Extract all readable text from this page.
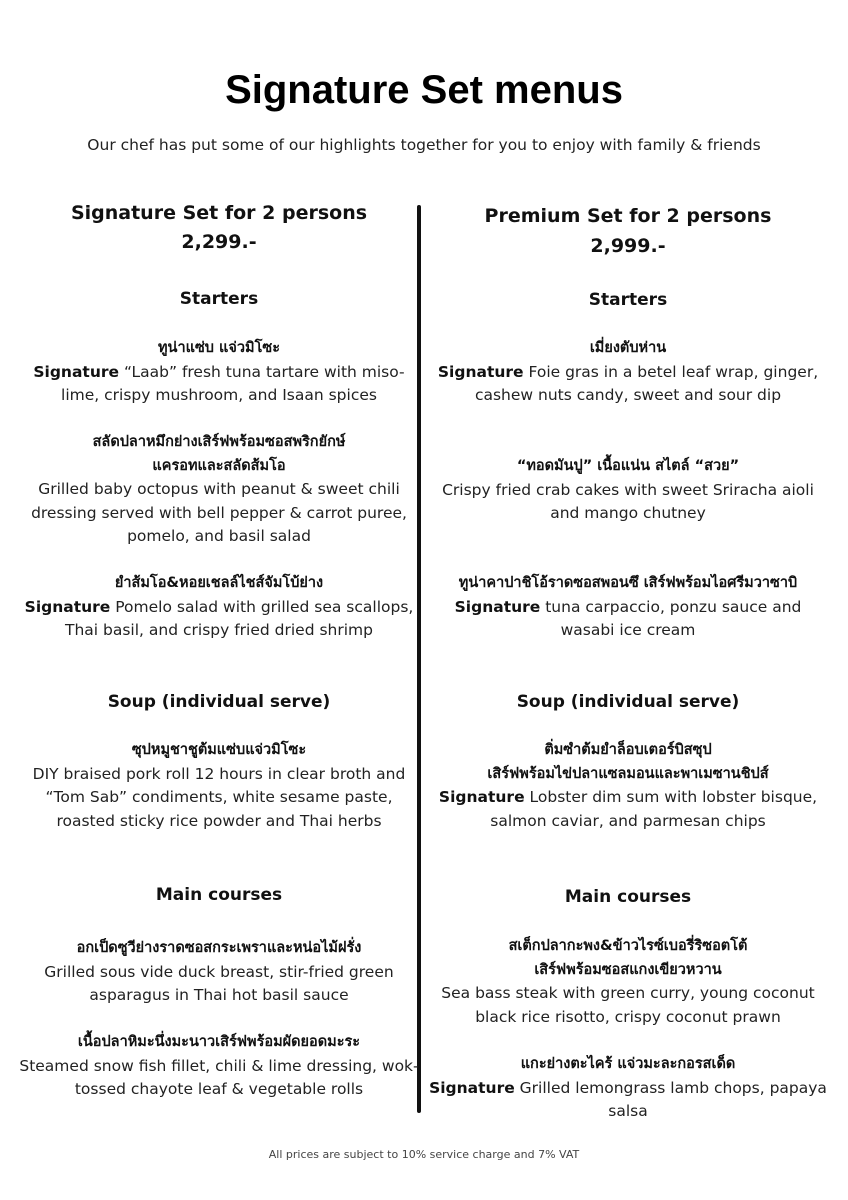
Signature Set menus
Our chef has put some of our highlights together for you to enjoy with family & friends
Signature Set for 2 persons
2,299.-
Starters
ทูน่าแซ่บ แจ่วมิโซะ
Signature “Laab” fresh tuna tartare with miso-lime, crispy mushroom, and Isaan spices
สลัดปลาหมึกย่างเสิร์ฟพร้อมซอสพริกยักษ์
แครอทและสลัดส้มโอ
Grilled baby octopus with peanut & sweet chili dressing served with bell pepper & carrot puree, pomelo, and basil salad
ยำส้มโอ&หอยเชลล์ไชส์จัมโบ้ย่าง
Signature Pomelo salad with grilled sea scallops, Thai basil, and crispy fried dried shrimp
Soup (individual serve)
ซุปหมูชาชูต้มแซ่บแจ่วมิโซะ
DIY braised pork roll 12 hours in clear broth and “Tom Sab” condiments, white sesame paste, roasted sticky rice powder and Thai herbs
Main courses
อกเป็ดซูวีย่างราดซอสกระเพราและหน่อไม้ฝรั่ง
Grilled sous vide duck breast, stir-fried green asparagus in Thai hot basil sauce
เนื้อปลาหิมะนึ่งมะนาวเสิร์ฟพร้อมผัดยอดมะระ
Steamed snow fish fillet, chili & lime dressing, wok-tossed chayote leaf & vegetable rolls
Premium Set for 2 persons
2,999.-
Starters
เมี่ยงตับห่าน
Signature Foie gras in a betel leaf wrap, ginger, cashew nuts candy, sweet and sour dip
“ทอดมันปู” เนื้อแน่น สไตล์ “สวย”
Crispy fried crab cakes with sweet Sriracha aioli and mango chutney
ทูน่าคาปาชิโอ้ราดซอสพอนซึ เสิร์ฟพร้อมไอศรีมวาซาบิ
Signature tuna carpaccio, ponzu sauce and wasabi ice cream
Soup (individual serve)
ติ่มซำต้มยำล็อบเตอร์บิสซุป
เสิร์ฟพร้อมไข่ปลาแซลมอนและพาเมซานชิปส์
Signature Lobster dim sum with lobster bisque, salmon caviar, and parmesan chips
Main courses
สเต็กปลากะพง&ข้าวไรซ์เบอรี่ริซอตโต้
เสิร์ฟพร้อมซอสแกงเขียวหวาน
Sea bass steak with green curry, young coconut black rice risotto, crispy coconut prawn
แกะย่างตะไคร้ แจ่วมะละกอรสเด็ด
Signature Grilled lemongrass lamb chops, papaya salsa
All prices are subject to 10% service charge and 7% VAT
